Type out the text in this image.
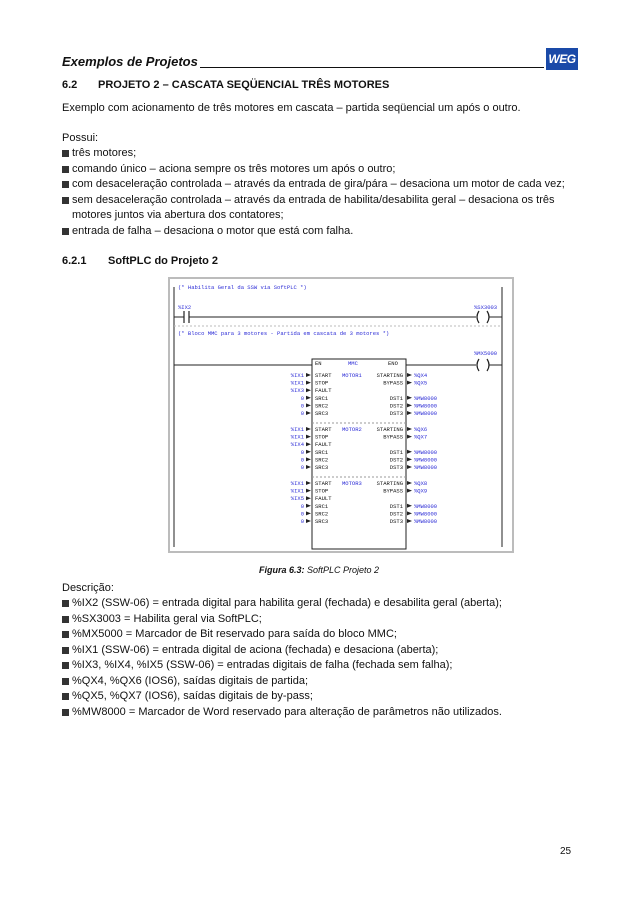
Exemplos de Projetos	WEG
6.2 PROJETO 2 – CASCATA SEQÜENCIAL TRÊS MOTORES
Exemplo com acionamento de três motores em cascata – partida seqüencial um após o outro.
Possui:
três motores;
comando único – aciona sempre os três motores um após o outro;
com desaceleração controlada – através da entrada de gira/pára – desaciona um motor de cada vez;
sem desaceleração controlada – através da entrada de habilita/desabilita geral – desaciona os três motores juntos via abertura dos contatores;
entrada de falha – desaciona o motor que está com falha.
6.2.1 SoftPLC do Projeto 2
(* Habilita Geral da SSW via SoftPLC *)
%IX2	%SX3003
(* Bloco MMC para 3 motores - Partida em cascata de 3 motores *)
%MX5000
EN	MMC	ENO
MOTOR1
START
%IX1
STOP
%IX1
FAULT
%IX3
SRC1
0
SRC2
0
SRC3
0
STARTING %QX4
BYPASS %QX5
DST1 %MW8000
DST2 %MW8000
DST3 %MW8000
MOTOR2
START
%IX1
STOP
%IX1
FAULT
%IX4
SRC1
0
SRC2
0
SRC3
0
STARTING %QX6
BYPASS %QX7
DST1 %MW8000
DST2 %MW8000
DST3 %MW8000
MOTOR3
START
%IX1
STOP
%IX1
FAULT
%IX5
SRC1
0
SRC2
0
SRC3
0
STARTING %QX8
BYPASS %QX9
DST1 %MW8000
DST2 %MW8000
DST3 %MW8000
Figura 6.3: SoftPLC Projeto 2
Descrição:
%IX2 (SSW-06) = entrada digital para habilita geral (fechada) e desabilita geral (aberta);
%SX3003 = Habilita geral via SoftPLC;
%MX5000 = Marcador de Bit reservado para saída do bloco MMC;
%IX1 (SSW-06) = entrada digital de aciona (fechada) e desaciona (aberta);
%IX3, %IX4, %IX5 (SSW-06) = entradas digitais de falha (fechada sem falha);
%QX4, %QX6 (IOS6), saídas digitais de partida;
%QX5, %QX7 (IOS6), saídas digitais de by-pass;
%MW8000 = Marcador de Word reservado para alteração de parâmetros não utilizados.
25
